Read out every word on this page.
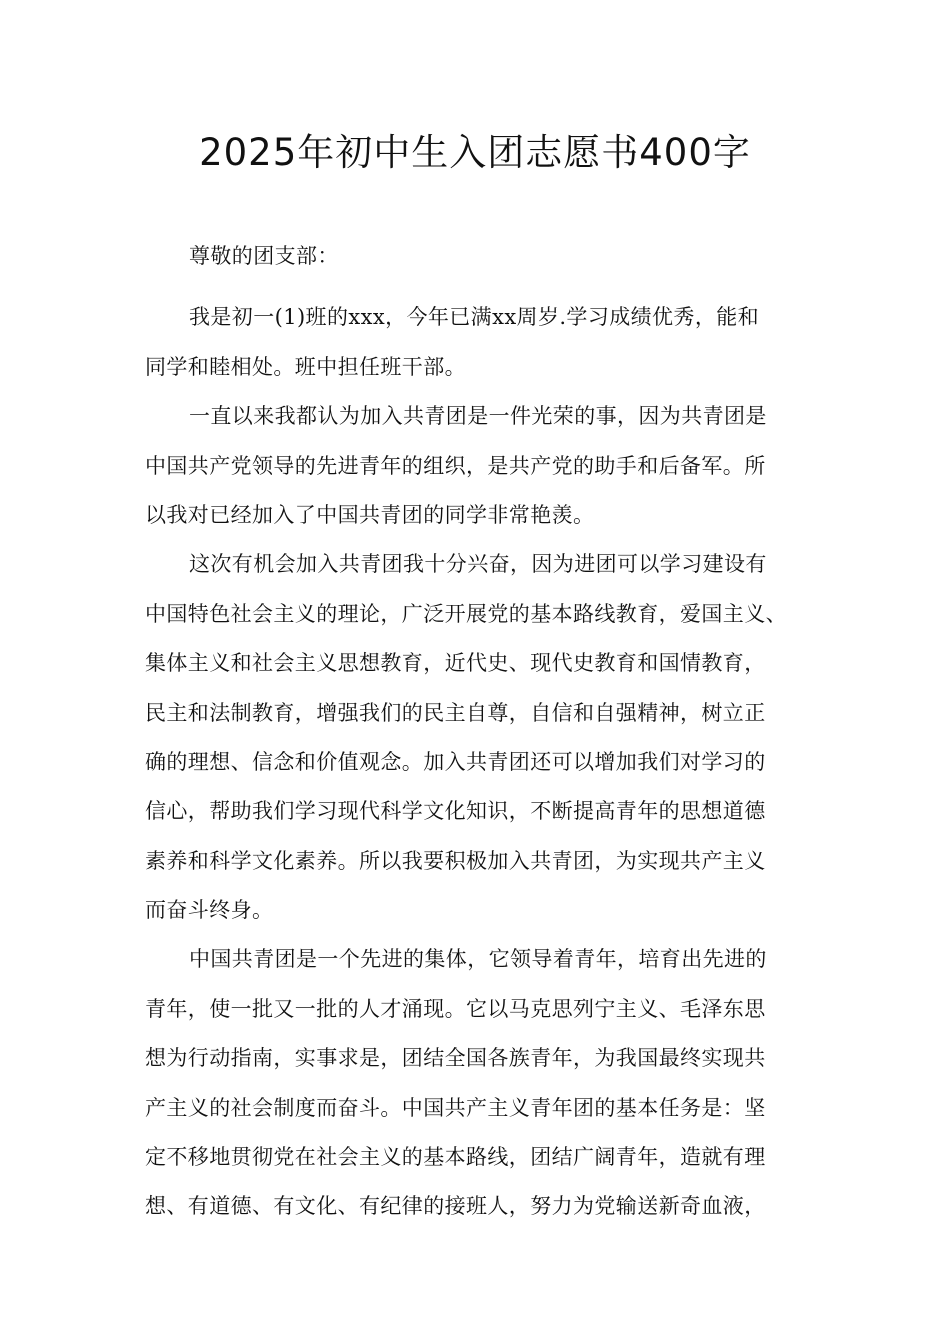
2025年初中生入团志愿书400字
尊敬的团支部：
我是初一(1)班的xxx，今年已满xx周岁.学习成绩优秀，能和
同学和睦相处。班中担任班干部。
一直以来我都认为加入共青团是一件光荣的事，因为共青团是
中国共产党领导的先进青年的组织，是共产党的助手和后备军。所
以我对已经加入了中国共青团的同学非常艳羡。
这次有机会加入共青团我十分兴奋，因为进团可以学习建设有
中国特色社会主义的理论，广泛开展党的基本路线教育，爱国主义、
集体主义和社会主义思想教育，近代史、现代史教育和国情教育，
民主和法制教育，增强我们的民主自尊，自信和自强精神，树立正
确的理想、信念和价值观念。加入共青团还可以增加我们对学习的
信心，帮助我们学习现代科学文化知识，不断提高青年的思想道德
素养和科学文化素养。所以我要积极加入共青团，为实现共产主义
而奋斗终身。
中国共青团是一个先进的集体，它领导着青年，培育出先进的
青年，使一批又一批的人才涌现。它以马克思列宁主义、毛泽东思
想为行动指南，实事求是，团结全国各族青年，为我国最终实现共
产主义的社会制度而奋斗。中国共产主义青年团的基本任务是：坚
定不移地贯彻党在社会主义的基本路线，团结广阔青年，造就有理
想、有道德、有文化、有纪律的接班人，努力为党输送新奇血液，
